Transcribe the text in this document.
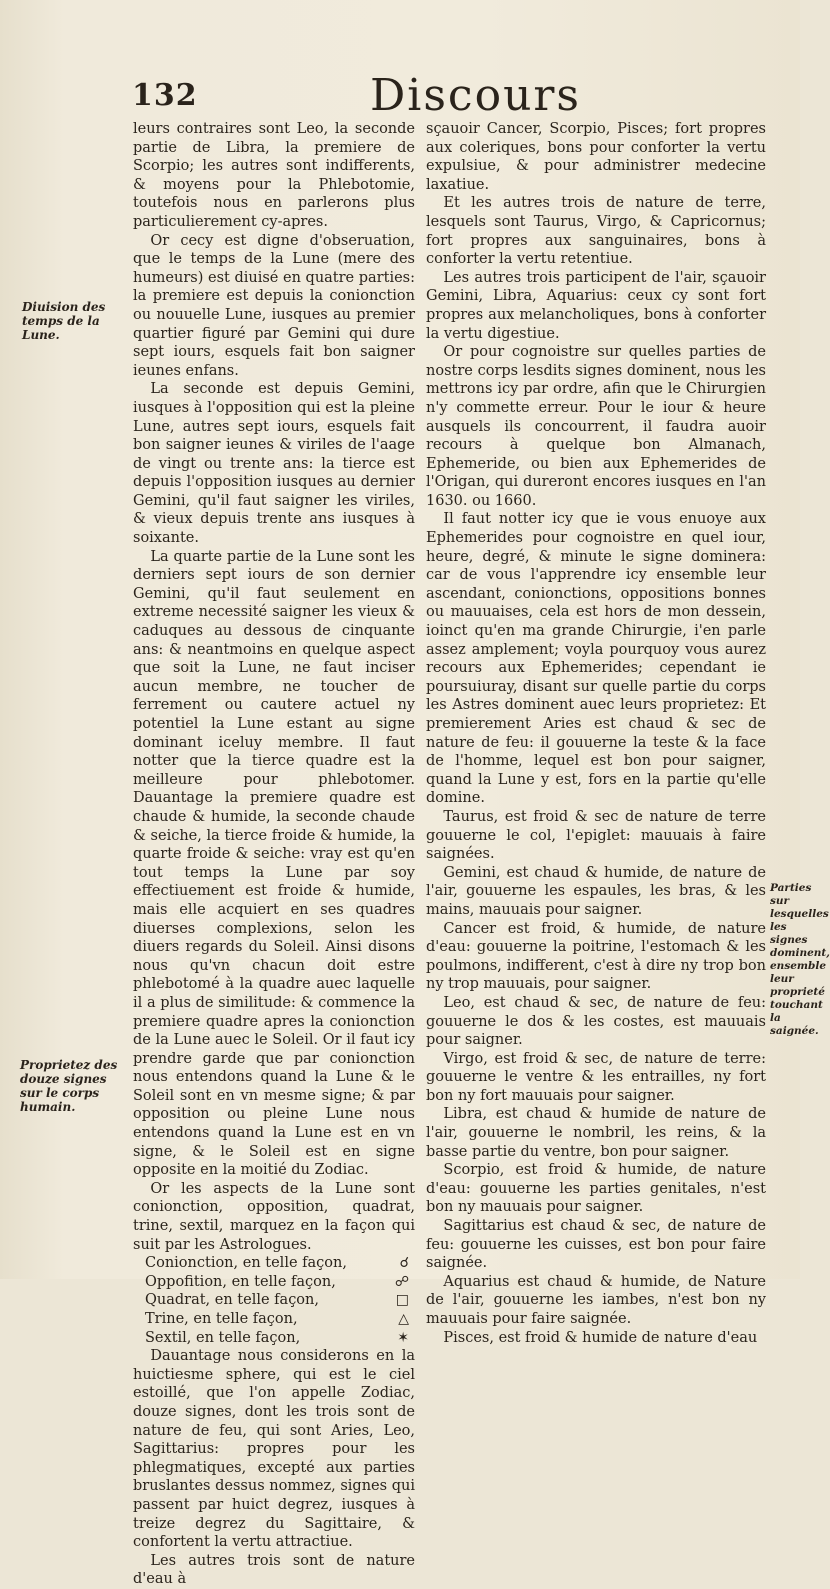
132	Discours
Diuision des temps de la Lune.
Proprietez des douze signes sur le corps humain.
Parties sur lesquelles les signes dominent, ensemble leur proprieté touchant la saignée.

leurs contraires sont Leo, la seconde partie de Libra, la premiere de Scorpio; les autres sont indifferents, & moyens pour la Phlebotomie, toutefois nous en parlerons plus particulierement cy-apres.

Or cecy est digne d'obseruation, que le temps de la Lune (mere des humeurs) est diuisé en quatre parties: la premiere est depuis la conionction ou nouuelle Lune, iusques au premier quartier figuré par Gemini qui dure sept iours, esquels fait bon saigner ieunes enfans.

La seconde est depuis Gemini, iusques à l'opposition qui est la pleine Lune, autres sept iours, esquels fait bon saigner ieunes & viriles de l'aage de vingt ou trente ans: la tierce est depuis l'opposition iusques au dernier Gemini, qu'il faut saigner les viriles, & vieux depuis trente ans iusques à soixante.

La quarte partie de la Lune sont les derniers sept iours de son dernier Gemini, qu'il faut seulement en extreme necessité saigner les vieux & caduques au dessous de cinquante ans: & neantmoins en quelque aspect que soit la Lune, ne faut inciser aucun membre, ne toucher de ferrement ou cautere actuel ny potentiel la Lune estant au signe dominant iceluy membre. Il faut notter que la tierce quadre est la meilleure pour phlebotomer. Dauantage la premiere quadre est chaude & humide, la seconde chaude & seiche, la tierce froide & humide, la quarte froide & seiche: vray est qu'en tout temps la Lune par soy effectiuement est froide & humide, mais elle acquiert en ses quadres diuerses complexions, selon les diuers regards du Soleil. Ainsi disons nous qu'vn chacun doit estre phlebotomé à la quadre auec laquelle il a plus de similitude: & commence la premiere quadre apres la conionction de la Lune auec le Soleil. Or il faut icy prendre garde que par conionction nous entendons quand la Lune & le Soleil sont en vn mesme signe; & par opposition ou pleine Lune nous entendons quand la Lune est en vn signe, & le Soleil est en signe opposite en la moitié du Zodiac.

Or les aspects de la Lune sont conionction, opposition, quadrat, trine, sextil, marquez en la façon qui suit par les Astrologues.

Conionction, en telle façon,	☌
Oppofition, en telle façon,	☍
Quadrat, en telle façon,	□
Trine, en telle façon,	△
Sextil, en telle façon,	✶

Dauantage nous considerons en la huictiesme sphere, qui est le ciel estoillé, que l'on appelle Zodiac, douze signes, dont les trois sont de nature de feu, qui sont Aries, Leo, Sagittarius: propres pour les phlegmatiques, excepté aux parties bruslantes dessus nommez, signes qui passent par huict degrez, iusques à treize degrez du Sagittaire, & confortent la vertu attractiue.

Les autres trois sont de nature d'eau à

sçauoir Cancer, Scorpio, Pisces; fort propres aux coleriques, bons pour conforter la vertu expulsiue, & pour administrer medecine laxatiue.

Et les autres trois de nature de terre, lesquels sont Taurus, Virgo, & Capricornus; fort propres aux sanguinaires, bons à conforter la vertu retentiue.

Les autres trois participent de l'air, sçauoir Gemini, Libra, Aquarius: ceux cy sont fort propres aux melancholiques, bons à conforter la vertu digestiue.

Or pour cognoistre sur quelles parties de nostre corps lesdits signes dominent, nous les mettrons icy par ordre, afin que le Chirurgien n'y commette erreur. Pour le iour & heure ausquels ils concourrent, il faudra auoir recours à quelque bon Almanach, Ephemeride, ou bien aux Ephemerides de l'Origan, qui dureront encores iusques en l'an 1630. ou 1660.

Il faut notter icy que ie vous enuoye aux Ephemerides pour cognoistre en quel iour, heure, degré, & minute le signe dominera: car de vous l'apprendre icy ensemble leur ascendant, conionctions, oppositions bonnes ou mauuaises, cela est hors de mon dessein, ioinct qu'en ma grande Chirurgie, i'en parle assez amplement; voyla pourquoy vous aurez recours aux Ephemerides; cependant ie poursuiuray, disant sur quelle partie du corps les Astres dominent auec leurs proprietez: Et premierement Aries est chaud & sec de nature de feu: il gouuerne la teste & la face de l'homme, lequel est bon pour saigner, quand la Lune y est, fors en la partie qu'elle domine.

Taurus, est froid & sec de nature de terre gouuerne le col, l'epiglet: mauuais à faire saignées.

Gemini, est chaud & humide, de nature de l'air, gouuerne les espaules, les bras, & les mains, mauuais pour saigner.

Cancer est froid, & humide, de nature d'eau: gouuerne la poitrine, l'estomach & les poulmons, indifferent, c'est à dire ny trop bon ny trop mauuais, pour saigner.

Leo, est chaud & sec, de nature de feu: gouuerne le dos & les costes, est mauuais pour saigner.

Virgo, est froid & sec, de nature de terre: gouuerne le ventre & les entrailles, ny fort bon ny fort mauuais pour saigner.

Libra, est chaud & humide de nature de l'air, gouuerne le nombril, les reins, & la basse partie du ventre, bon pour saigner.

Scorpio, est froid & humide, de nature d'eau: gouuerne les parties genitales, n'est bon ny mauuais pour saigner.

Sagittarius est chaud & sec, de nature de feu: gouuerne les cuisses, est bon pour faire saignée.

Aquarius est chaud & humide, de Nature de l'air, gouuerne les iambes, n'est bon ny mauuais pour faire saignée.

Pisces, est froid & humide de nature d'eau
